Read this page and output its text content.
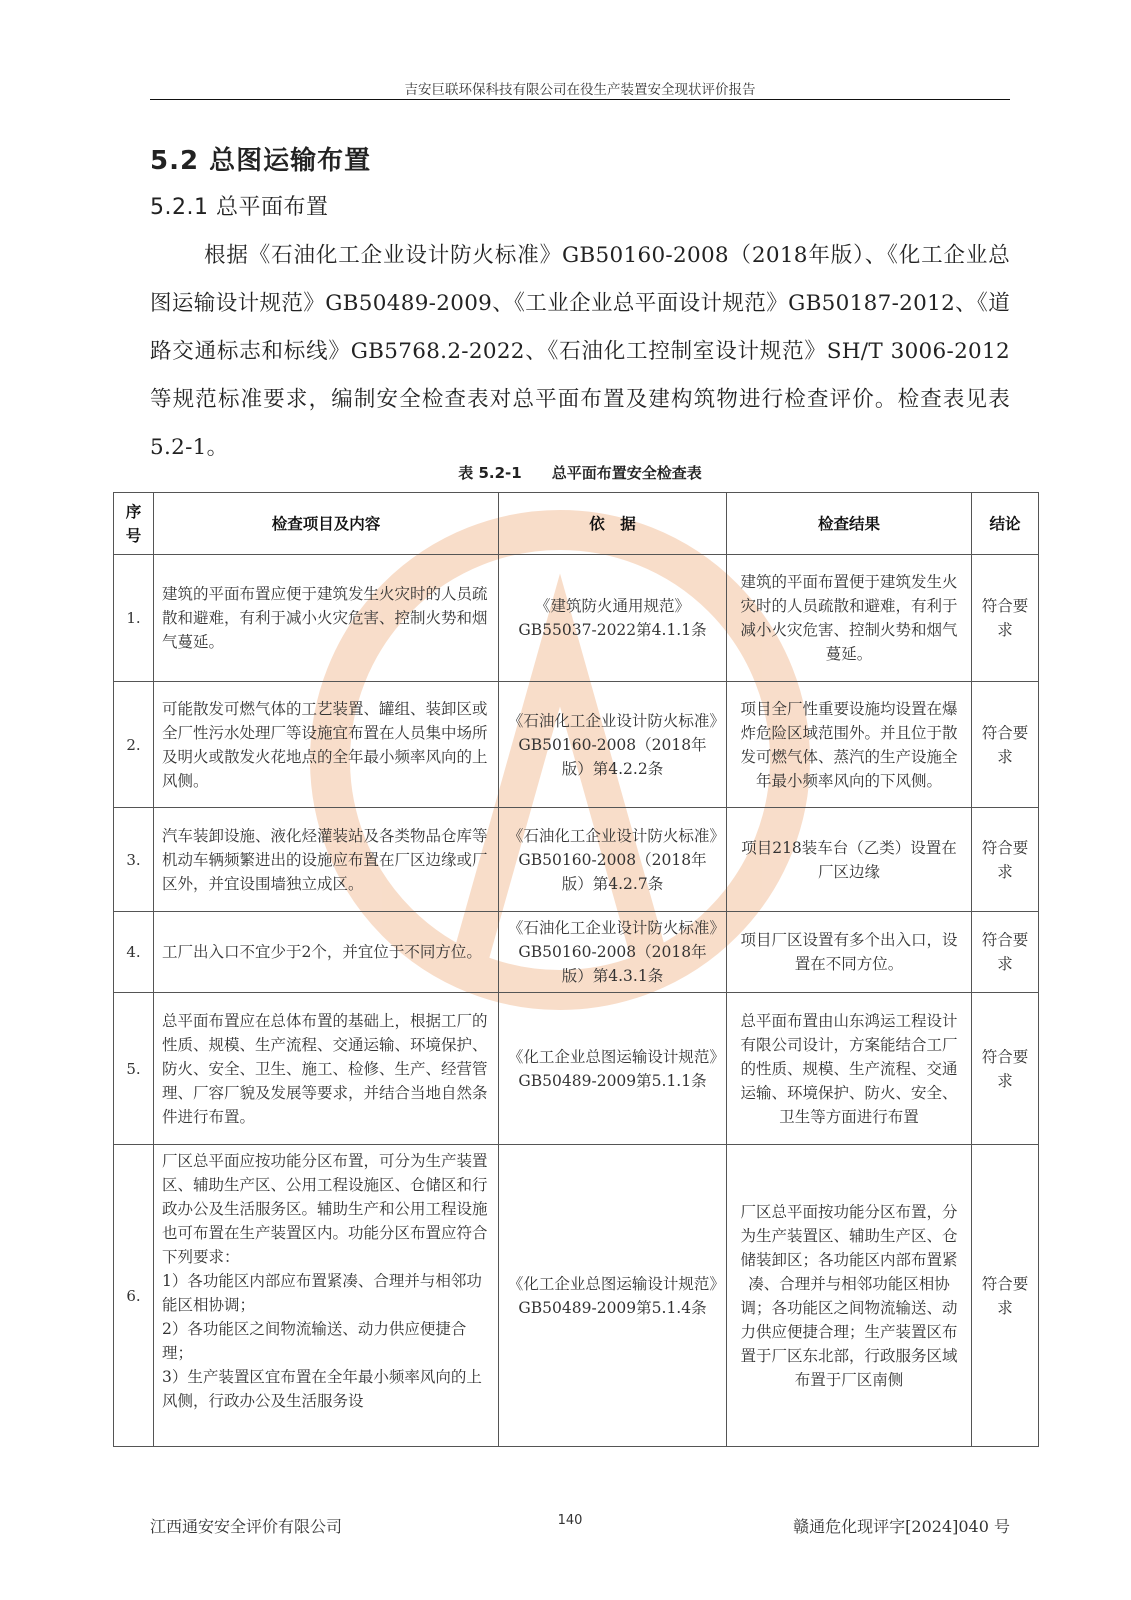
吉安巨联环保科技有限公司在役生产装置安全现状评价报告
5.2 总图运输布置
5.2.1 总平面布置

根据《石油化工企业设计防火标准》GB50160-2008（2018年版）、《化工企业总图运输设计规范》GB50489-2009、《工业企业总平面设计规范》GB50187-2012、《道路交通标志和标线》GB5768.2-2022、《石油化工控制室设计规范》SH/T 3006-2012等规范标准要求，编制安全检查表对总平面布置及建构筑物进行检查评价。检查表见表5.2-1。

表 5.2-1　　总平面布置安全检查表
序号	检查项目及内容	依　据	检查结果	结论
1.	建筑的平面布置应便于建筑发生火灾时的人员疏散和避难，有利于减小火灾危害、控制火势和烟气蔓延。	《建筑防火通用规范》GB55037-2022第4.1.1条	建筑的平面布置便于建筑发生火灾时的人员疏散和避难，有利于减小火灾危害、控制火势和烟气蔓延。	符合要求
2.	可能散发可燃气体的工艺装置、罐组、装卸区或全厂性污水处理厂等设施宜布置在人员集中场所及明火或散发火花地点的全年最小频率风向的上风侧。	《石油化工企业设计防火标准》GB50160-2008（2018年版）第4.2.2条	项目全厂性重要设施均设置在爆炸危险区域范围外。并且位于散发可燃气体、蒸汽的生产设施全年最小频率风向的下风侧。	符合要求
3.	汽车装卸设施、液化烃灌装站及各类物品仓库等机动车辆频繁进出的设施应布置在厂区边缘或厂区外，并宜设围墙独立成区。	《石油化工企业设计防火标准》GB50160-2008（2018年版）第4.2.7条	项目218装车台（乙类）设置在厂区边缘	符合要求
4.	工厂出入口不宜少于2个，并宜位于不同方位。	《石油化工企业设计防火标准》GB50160-2008（2018年版）第4.3.1条	项目厂区设置有多个出入口，设置在不同方位。	符合要求
5.	总平面布置应在总体布置的基础上，根据工厂的性质、规模、生产流程、交通运输、环境保护、防火、安全、卫生、施工、检修、生产、经营管理、厂容厂貌及发展等要求，并结合当地自然条件进行布置。	《化工企业总图运输设计规范》GB50489-2009第5.1.1条	总平面布置由山东鸿运工程设计有限公司设计，方案能结合工厂的性质、规模、生产流程、交通运输、环境保护、防火、安全、卫生等方面进行布置	符合要求
6.	厂区总平面应按功能分区布置，可分为生产装置区、辅助生产区、公用工程设施区、仓储区和行政办公及生活服务区。辅助生产和公用工程设施也可布置在生产装置区内。功能分区布置应符合下列要求：
1）各功能区内部应布置紧凑、合理并与相邻功能区相协调；
2）各功能区之间物流输送、动力供应便捷合理；
3）生产装置区宜布置在全年最小频率风向的上风侧，行政办公及生活服务设	《化工企业总图运输设计规范》GB50489-2009第5.1.4条	厂区总平面按功能分区布置，分为生产装置区、辅助生产区、仓储装卸区；各功能区内部布置紧凑、合理并与相邻功能区相协调；各功能区之间物流输送、动力供应便捷合理；生产装置区布置于厂区东北部，行政服务区域布置于厂区南侧	符合要求
江西通安安全评价有限公司	140	赣通危化现评字[2024]040 号
